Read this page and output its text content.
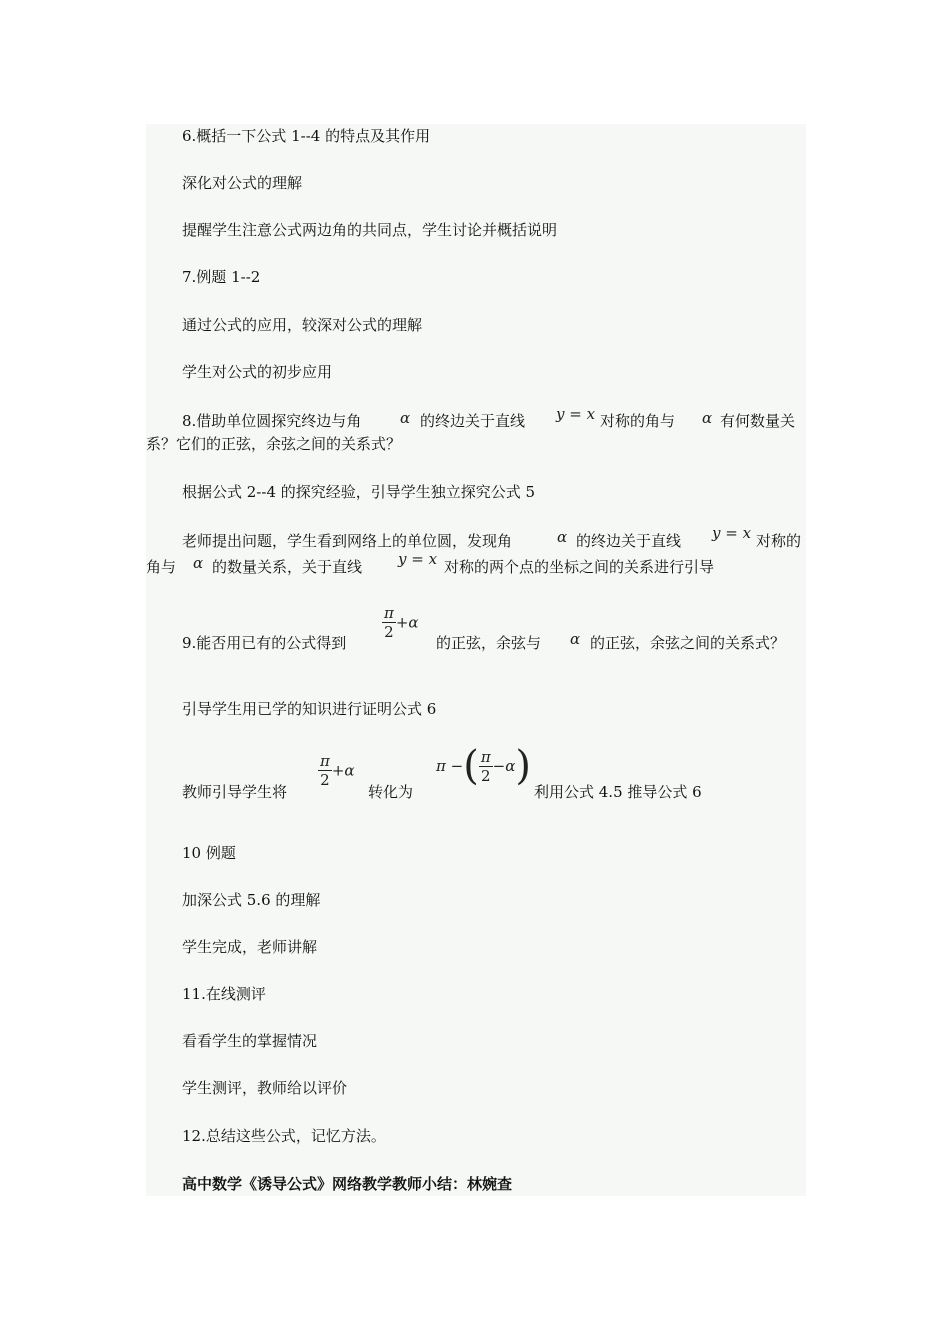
6.概括一下公式 1--4 的特点及其作用
深化对公式的理解
提醒学生注意公式两边角的共同点，学生讨论并概括说明
7.例题 1--2
通过公式的应用，较深对公式的理解
学生对公式的初步应用
8.借助单位圆探究终边与角	α 的终边关于直线 y = x 对称的角与 α 有何数量关
系？它们的正弦，余弦之间的关系式？
根据公式 2--4 的探究经验，引导学生独立探究公式 5
老师提出问题，学生看到网络上的单位圆，发现角	α 的终边关于直线 y = x 对称的
角与 α 的数量关系，关于直线 y = x 对称的两个点的坐标之间的关系进行引导
9.能否用已有的公式得到
$\frac{\pi}{2} +\alpha$
的正弦，余弦与 α 的正弦，余弦之间的关系式？
引导学生用已学的知识进行证明公式 6
教师引导学生将
$\frac{\pi}{2} +\alpha$
转化为
π −( $\frac{\pi}{2} -\alpha$)
利用公式 4.5 推导公式 6
10 例题
加深公式 5.6 的理解
学生完成，老师讲解
11.在线测评
看看学生的掌握情况
学生测评，教师给以评价
12.总结这些公式，记忆方法。
高中数学《诱导公式》网络教学教师小结：林婉查
